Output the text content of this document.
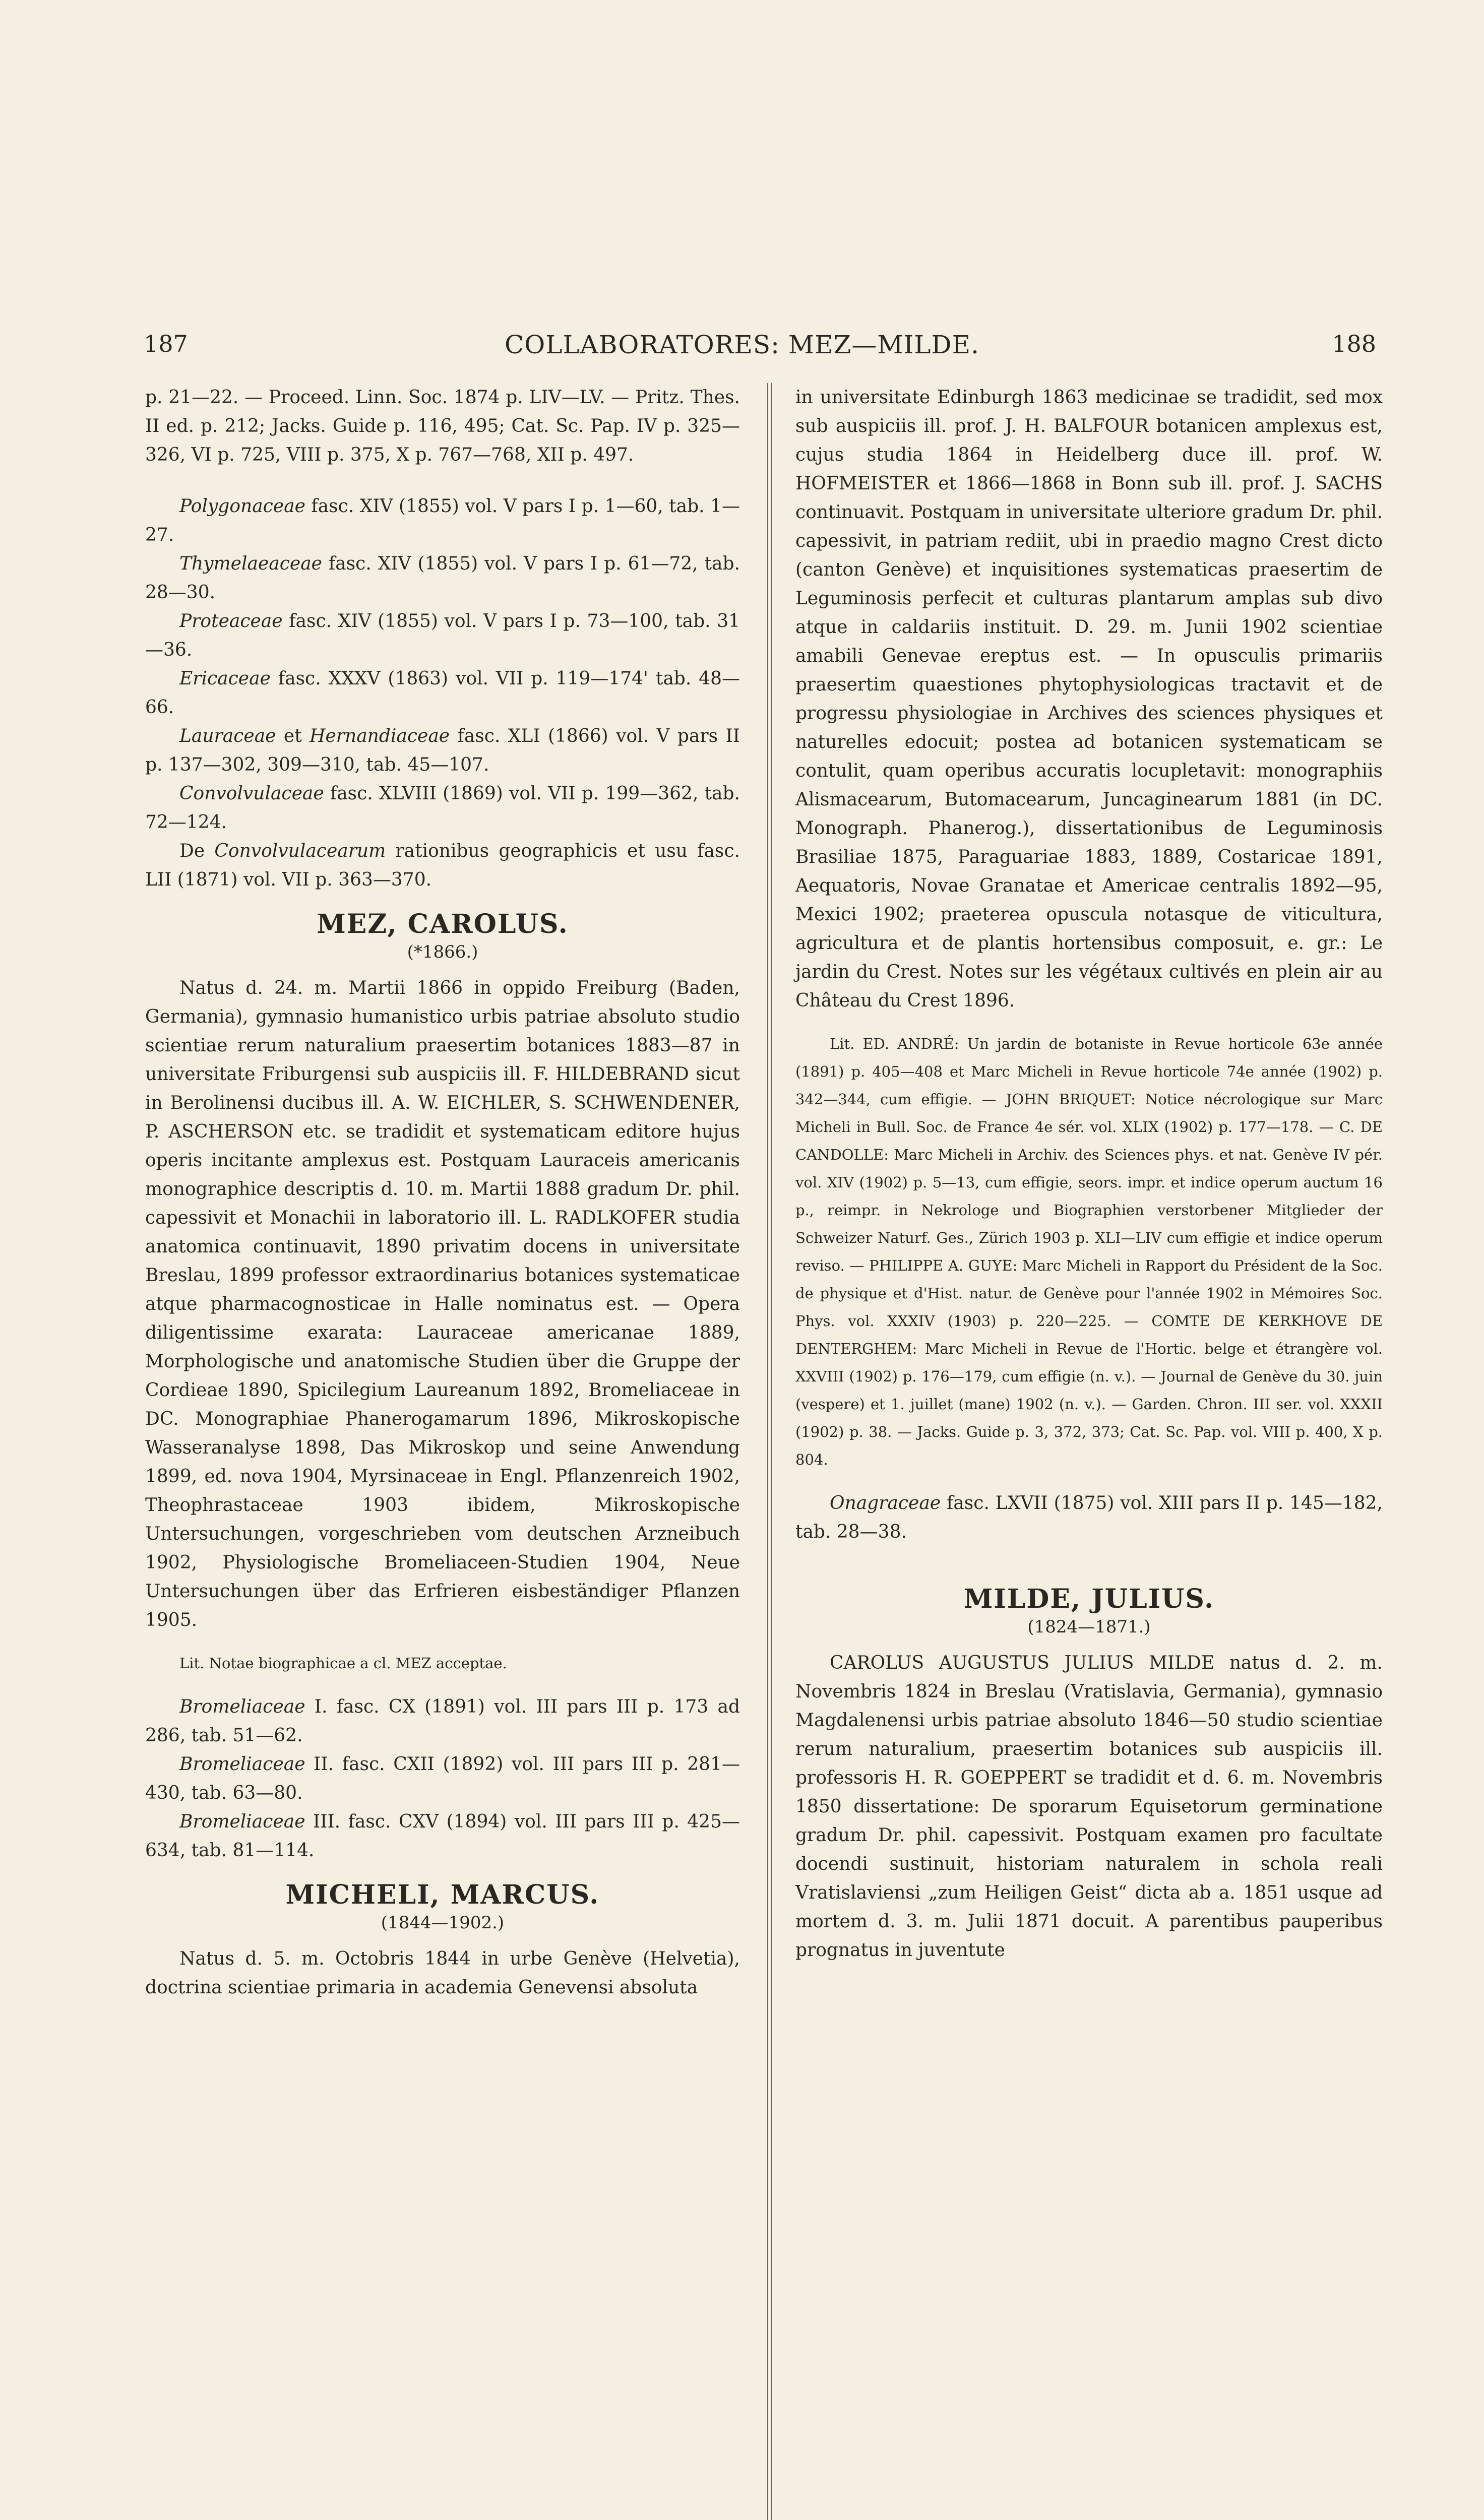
187	COLLABORATORES: MEZ—MILDE.	188

p. 21—22. — Proceed. Linn. Soc. 1874 p. LIV—LV. — Pritz. Thes. II ed. p. 212; Jacks. Guide p. 116, 495; Cat. Sc. Pap. IV p. 325—326, VI p. 725, VIII p. 375, X p. 767—768, XII p. 497.

Polygonaceae fasc. XIV (1855) vol. V pars I p. 1—60, tab. 1—27.

Thymelaeaceae fasc. XIV (1855) vol. V pars I p. 61—72, tab. 28—30.

Proteaceae fasc. XIV (1855) vol. V pars I p. 73—100, tab. 31—36.

Ericaceae fasc. XXXV (1863) vol. VII p. 119—174' tab. 48—66.

Lauraceae et Hernandiaceae fasc. XLI (1866) vol. V pars II p. 137—302, 309—310, tab. 45—107.

Convolvulaceae fasc. XLVIII (1869) vol. VII p. 199—362, tab. 72—124.

De Convolvulacearum rationibus geographicis et usu fasc. LII (1871) vol. VII p. 363—370.

MEZ, CAROLUS.
(*1866.)

Natus d. 24. m. Martii 1866 in oppido Freiburg (Baden, Germania), gymnasio humanistico urbis patriae absoluto studio scientiae rerum naturalium praesertim botanices 1883—87 in universitate Friburgensi sub auspiciis ill. F. HILDEBRAND sicut in Berolinensi ducibus ill. A. W. EICHLER, S. SCHWENDENER, P. ASCHERSON etc. se tradidit et systematicam editore hujus operis incitante amplexus est. Postquam Lauraceis americanis monographice descriptis d. 10. m. Martii 1888 gradum Dr. phil. capessivit et Monachii in laboratorio ill. L. RADLKOFER studia anatomica continuavit, 1890 privatim docens in universitate Breslau, 1899 professor extraordinarius botanices systematicae atque pharmacognosticae in Halle nominatus est. — Opera diligentissime exarata: Lauraceae americanae 1889, Morphologische und anatomische Studien über die Gruppe der Cordieae 1890, Spicilegium Laureanum 1892, Bromeliaceae in DC. Monographiae Phanerogamarum 1896, Mikroskopische Wasseranalyse 1898, Das Mikroskop und seine Anwendung 1899, ed. nova 1904, Myrsinaceae in Engl. Pflanzenreich 1902, Theophrastaceae 1903 ibidem, Mikroskopische Untersuchungen, vorgeschrieben vom deutschen Arzneibuch 1902, Physiologische Bromeliaceen-Studien 1904, Neue Untersuchungen über das Erfrieren eisbeständiger Pflanzen 1905.

Lit. Notae biographicae a cl. MEZ acceptae.

Bromeliaceae I. fasc. CX (1891) vol. III pars III p. 173 ad 286, tab. 51—62.

Bromeliaceae II. fasc. CXII (1892) vol. III pars III p. 281—430, tab. 63—80.

Bromeliaceae III. fasc. CXV (1894) vol. III pars III p. 425—634, tab. 81—114.

MICHELI, MARCUS.
(1844—1902.)

Natus d. 5. m. Octobris 1844 in urbe Genève (Helvetia), doctrina scientiae primaria in academia Genevensi absoluta

in universitate Edinburgh 1863 medicinae se tradidit, sed mox sub auspiciis ill. prof. J. H. BALFOUR botanicen amplexus est, cujus studia 1864 in Heidelberg duce ill. prof. W. HOFMEISTER et 1866—1868 in Bonn sub ill. prof. J. SACHS continuavit. Postquam in universitate ulteriore gradum Dr. phil. capessivit, in patriam rediit, ubi in praedio magno Crest dicto (canton Genève) et inquisitiones systematicas praesertim de Leguminosis perfecit et culturas plantarum amplas sub divo atque in caldariis instituit. D. 29. m. Junii 1902 scientiae amabili Genevae ereptus est. — In opusculis primariis praesertim quaestiones phytophysiologicas tractavit et de progressu physiologiae in Archives des sciences physiques et naturelles edocuit; postea ad botanicen systematicam se contulit, quam operibus accuratis locupletavit: monographiis Alismacearum, Butomacearum, Juncaginearum 1881 (in DC. Monograph. Phanerog.), dissertationibus de Leguminosis Brasiliae 1875, Paraguariae 1883, 1889, Costaricae 1891, Aequatoris, Novae Granatae et Americae centralis 1892—95, Mexici 1902; praeterea opuscula notasque de viticultura, agricultura et de plantis hortensibus composuit, e. gr.: Le jardin du Crest. Notes sur les végétaux cultivés en plein air au Château du Crest 1896.

Lit. ED. ANDRÉ: Un jardin de botaniste in Revue horticole 63e année (1891) p. 405—408 et Marc Micheli in Revue horticole 74e année (1902) p. 342—344, cum effigie. — JOHN BRIQUET: Notice nécrologique sur Marc Micheli in Bull. Soc. de France 4e sér. vol. XLIX (1902) p. 177—178. — C. DE CANDOLLE: Marc Micheli in Archiv. des Sciences phys. et nat. Genève IV pér. vol. XIV (1902) p. 5—13, cum effigie, seors. impr. et indice operum auctum 16 p., reimpr. in Nekrologe und Biographien verstorbener Mitglieder der Schweizer Naturf. Ges., Zürich 1903 p. XLI—LIV cum effigie et indice operum reviso. — PHILIPPE A. GUYE: Marc Micheli in Rapport du Président de la Soc. de physique et d'Hist. natur. de Genève pour l'année 1902 in Mémoires Soc. Phys. vol. XXXIV (1903) p. 220—225. — COMTE DE KERKHOVE DE DENTERGHEM: Marc Micheli in Revue de l'Hortic. belge et étrangère vol. XXVIII (1902) p. 176—179, cum effigie (n. v.). — Journal de Genève du 30. juin (vespere) et 1. juillet (mane) 1902 (n. v.). — Garden. Chron. III ser. vol. XXXII (1902) p. 38. — Jacks. Guide p. 3, 372, 373; Cat. Sc. Pap. vol. VIII p. 400, X p. 804.

Onagraceae fasc. LXVII (1875) vol. XIII pars II p. 145—182, tab. 28—38.

MILDE, JULIUS.
(1824—1871.)

CAROLUS AUGUSTUS JULIUS MILDE natus d. 2. m. Novembris 1824 in Breslau (Vratislavia, Germania), gymnasio Magdalenensi urbis patriae absoluto 1846—50 studio scientiae rerum naturalium, praesertim botanices sub auspiciis ill. professoris H. R. GOEPPERT se tradidit et d. 6. m. Novembris 1850 dissertatione: De sporarum Equisetorum germinatione gradum Dr. phil. capessivit. Postquam examen pro facultate docendi sustinuit, historiam naturalem in schola reali Vratislaviensi „zum Heiligen Geist“ dicta ab a. 1851 usque ad mortem d. 3. m. Julii 1871 docuit. A parentibus pauperibus prognatus in juventute
